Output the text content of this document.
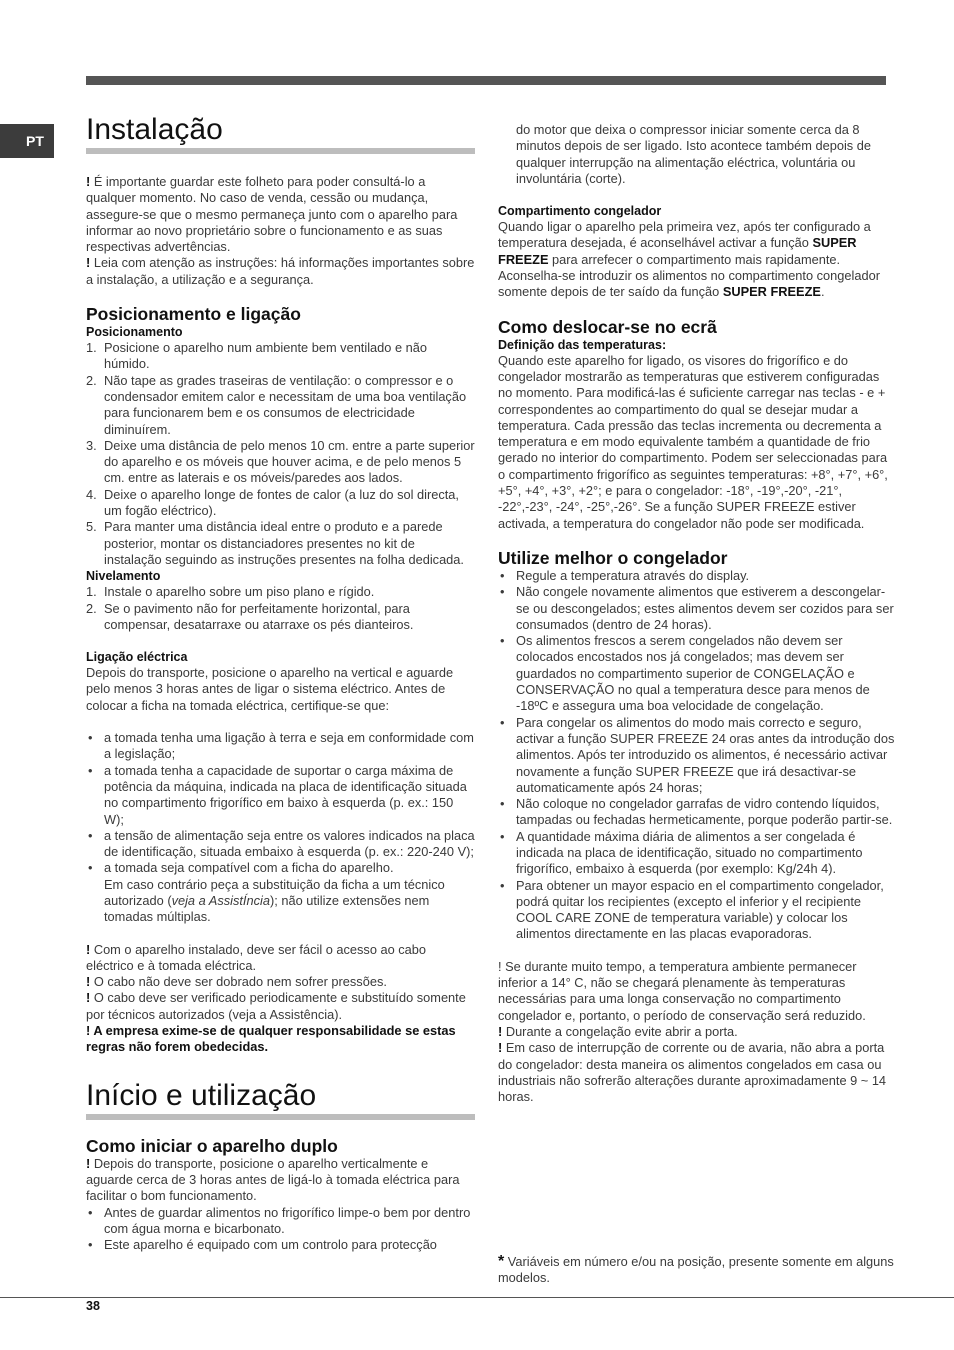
PT	Instalação

! É importante guardar este folheto para poder consultá-lo a qualquer momento. No caso de venda, cessão ou mudança, assegure-se que o mesmo permaneça junto com o aparelho para informar ao novo proprietário sobre o funcionamento e as suas respectivas advertências.

! Leia com atenção as instruções: há informações importantes sobre a instalação, a utilização e a segurança.

Posicionamento e ligação
Posicionamento
1. Posicione o aparelho num ambiente bem ventilado e não húmido.
2. Não tape as grades traseiras de ventilação: o compressor e o condensador emitem calor e necessitam de uma boa ventilação para funcionarem bem e os consumos de electricidade diminuírem.
3. Deixe uma distância de pelo menos 10 cm. entre a parte superior do aparelho e os móveis que houver acima, e de pelo menos 5 cm. entre as laterais e os móveis/paredes aos lados.
4. Deixe o aparelho longe de fontes de calor (a luz do sol directa, um fogão eléctrico).
5. Para manter uma distância ideal entre o produto e a parede posterior, montar os distanciadores presentes no kit de instalação seguindo as instruções presentes na folha dedicada.
Nivelamento
1. Instale o aparelho sobre um piso plano e rígido.
2. Se o pavimento não for perfeitamente horizontal, para compensar, desatarraxe ou atarraxe os pés dianteiros.
Ligação eléctrica

Depois do transporte, posicione o aparelho na vertical e aguarde pelo menos 3 horas antes de ligar o sistema eléctrico. Antes de colocar a ficha na tomada eléctrica, certifique-se que:

• a tomada tenha uma ligação à terra e seja em conformidade com a legislação;
• a tomada tenha a capacidade de suportar o carga máxima de potência da máquina, indicada na placa de identificação situada no compartimento frigorífico em baixo à esquerda (p. ex.: 150 W);
• a tensão de alimentação seja entre os valores indicados na placa de identificação, situada embaixo à esquerda (p. ex.: 220-240 V);
• a tomada seja compatível com a ficha do aparelho.
Em caso contrário peça a substituição da ficha a um técnico autorizado (veja a AssistÍncia); não utilize extensões nem tomadas múltiplas.

! Com o aparelho instalado, deve ser fácil o acesso ao cabo eléctrico e à tomada eléctrica.

! O cabo não deve ser dobrado nem sofrer pressões.

! O cabo deve ser verificado periodicamente e substituído somente por técnicos autorizados (veja a Assistência).

! A empresa exime-se de qualquer responsabilidade se estas regras não forem obedecidas.

Início e utilização
Como iniciar o aparelho duplo

! Depois do transporte, posicione o aparelho verticalmente e aguarde cerca de 3 horas antes de ligá-lo à tomada eléctrica para facilitar o bom funcionamento.

• Antes de guardar alimentos no frigorífico limpe-o bem por dentro com água morna e bicarbonato.
• Este aparelho é equipado com um controlo para protecção

do motor que deixa o compressor iniciar somente cerca da 8 minutos depois de ser ligado. Isto acontece também depois de qualquer interrupção na alimentação eléctrica, voluntária ou involuntária (corte).

Compartimento congelador

Quando ligar o aparelho pela primeira vez, após ter configurado a temperatura desejada, é aconselhável activar a função SUPER FREEZE para arrefecer o compartimento mais rapidamente. Aconselha-se introduzir os alimentos no compartimento congelador somente depois de ter saído da função SUPER FREEZE.

Como deslocar-se no ecrã
Definição das temperaturas:

Quando este aparelho for ligado, os visores do frigorífico e do congelador mostrarão as temperaturas que estiverem configuradas no momento. Para modificá-las é suficiente carregar nas teclas - e + correspondentes ao compartimento do qual se desejar mudar a temperatura. Cada pressão das teclas incrementa ou decrementa a temperatura e em modo equivalente também a quantidade de frio gerado no interior do compartimento. Podem ser seleccionadas para o compartimento frigorífico as seguintes temperaturas: +8°, +7°, +6°, +5°, +4°, +3°, +2°; e para o congelador: -18°, -19°,-20°, -21°, -22°,-23°, -24°, -25°,-26°. Se a função SUPER FREEZE estiver activada, a temperatura do congelador não pode ser modificada.

Utilize melhor o congelador
• Regule a temperatura através do display.
• Não congele novamente alimentos que estiverem a descongelar-se ou descongelados; estes alimentos devem ser cozidos para ser consumados (dentro de 24 horas).
• Os alimentos frescos a serem congelados não devem ser colocados encostados nos já congelados; mas devem ser guardados no compartimento superior de CONGELAÇÃO e CONSERVAÇÃO no qual a temperatura desce para menos de -18ºC e assegura uma boa velocidade de congelação.
• Para congelar os alimentos do modo mais correcto e seguro, activar a função SUPER FREEZE 24 oras antes da introdução dos alimentos. Após ter introduzido os alimentos, é necessário activar novamente a função SUPER FREEZE que irá desactivar-se automaticamente após 24 horas;
• Não coloque no congelador garrafas de vidro contendo líquidos, tampadas ou fechadas hermeticamente, porque poderão partir-se.
• A quantidade máxima diária de alimentos a ser congelada é indicada na placa de identificação, situado no compartimento frigorífico, embaixo à esquerda (por exemplo: Kg/24h 4).
• Para obtener un mayor espacio en el compartimento congelador, podrá quitar los recipientes (excepto el inferior y el recipiente COOL CARE ZONE de temperatura variable) y colocar los alimentos directamente en las placas evaporadoras.

! Se durante muito tempo, a temperatura ambiente permanecer inferior a 14° C, não se chegará plenamente às temperaturas necessárias para uma longa conservação no compartimento congelador e, portanto, o período de conservação será reduzido.

! Durante a congelação evite abrir a porta.

! Em caso de interrupção de corrente ou de avaria, não abra a porta do congelador: desta maneira os alimentos congelados em casa ou industriais não sofrerão alterações durante aproximadamente 9 ~ 14 horas.

* Variáveis em número e/ou na posição, presente somente em alguns modelos.
38
